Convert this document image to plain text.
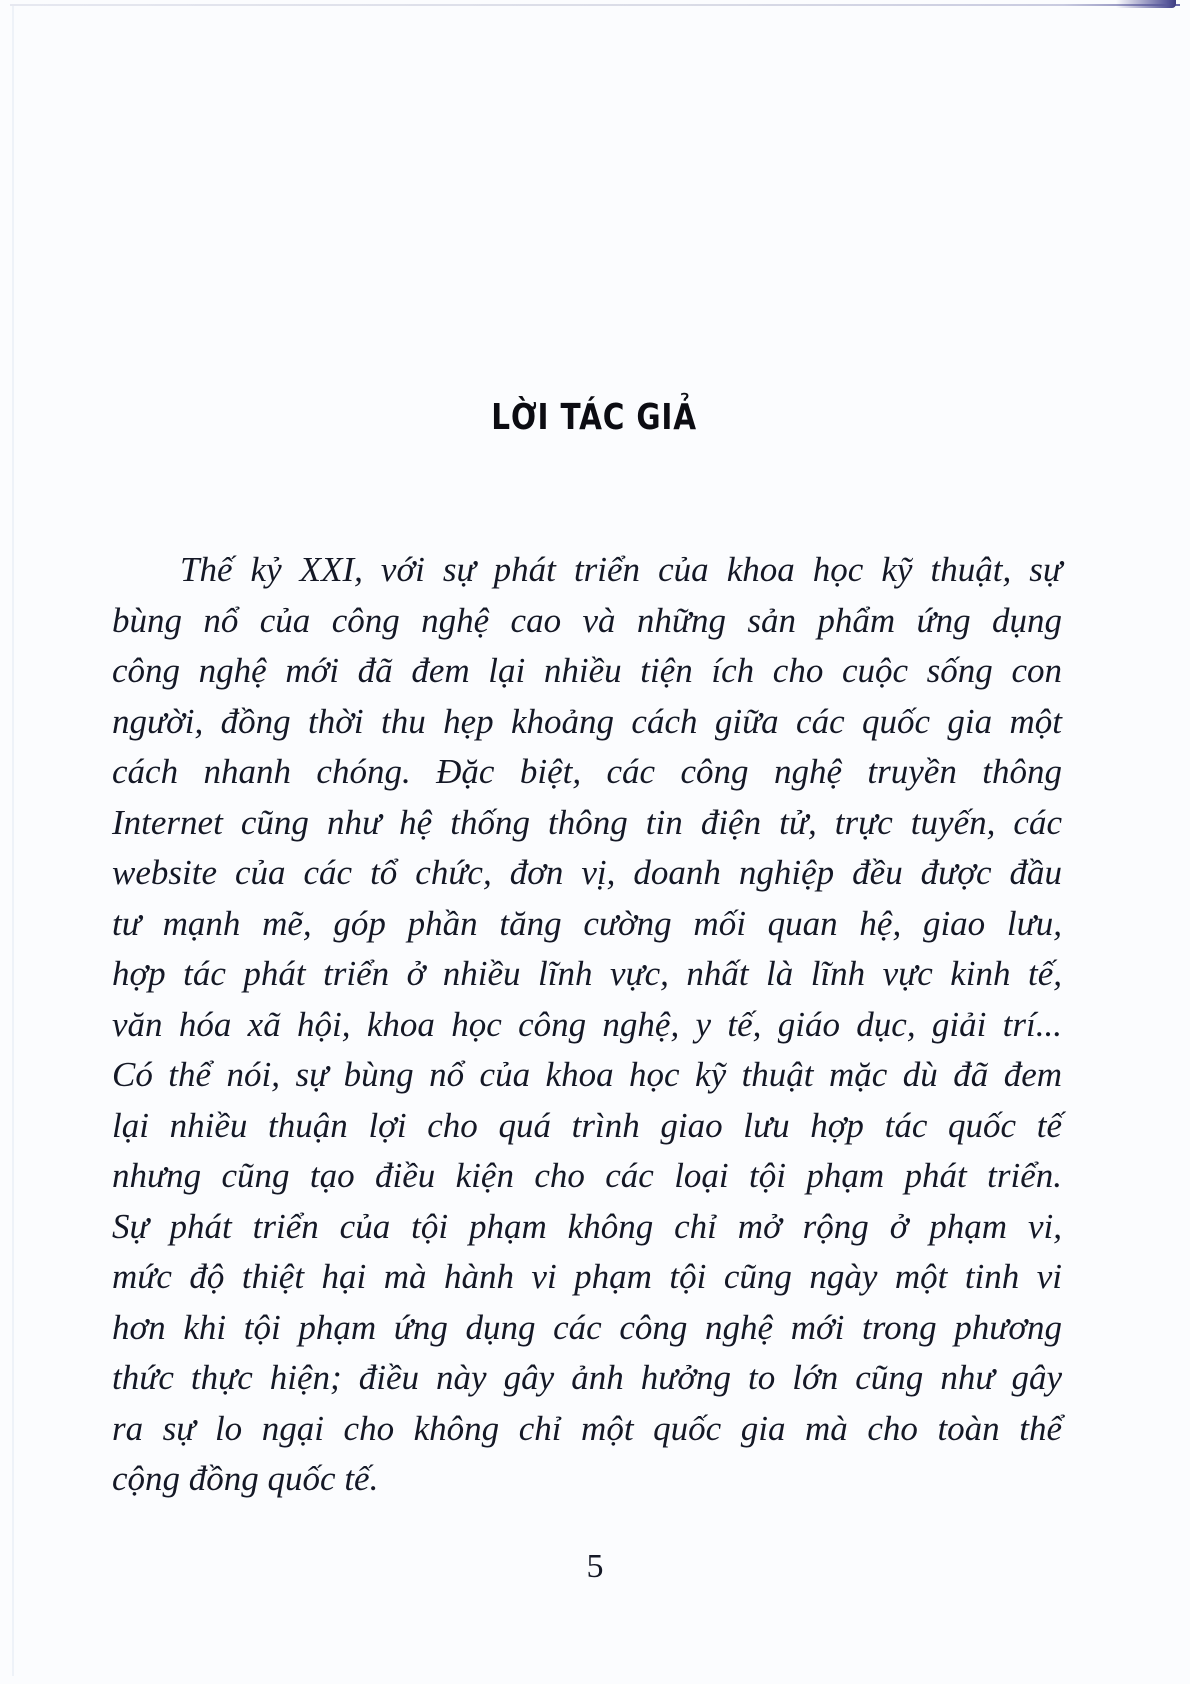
LỜI TÁC GIẢ
Thế kỷ XXI, với sự phát triển của khoa học kỹ thuật, sự
bùng nổ của công nghệ cao và những sản phẩm ứng dụng
công nghệ mới đã đem lại nhiều tiện ích cho cuộc sống con
người, đồng thời thu hẹp khoảng cách giữa các quốc gia một
cách nhanh chóng. Đặc biệt, các công nghệ truyền thông
Internet cũng như hệ thống thông tin điện tử, trực tuyến, các
website của các tổ chức, đơn vị, doanh nghiệp đều được đầu
tư mạnh mẽ, góp phần tăng cường mối quan hệ, giao lưu,
hợp tác phát triển ở nhiều lĩnh vực, nhất là lĩnh vực kinh tế,
văn hóa xã hội, khoa học công nghệ, y tế, giáo dục, giải trí...
Có thể nói, sự bùng nổ của khoa học kỹ thuật mặc dù đã đem
lại nhiều thuận lợi cho quá trình giao lưu hợp tác quốc tế
nhưng cũng tạo điều kiện cho các loại tội phạm phát triển.
Sự phát triển của tội phạm không chỉ mở rộng ở phạm vi,
mức độ thiệt hại mà hành vi phạm tội cũng ngày một tinh vi
hơn khi tội phạm ứng dụng các công nghệ mới trong phương
thức thực hiện; điều này gây ảnh hưởng to lớn cũng như gây
ra sự lo ngại cho không chỉ một quốc gia mà cho toàn thể
cộng đồng quốc tế.
5
